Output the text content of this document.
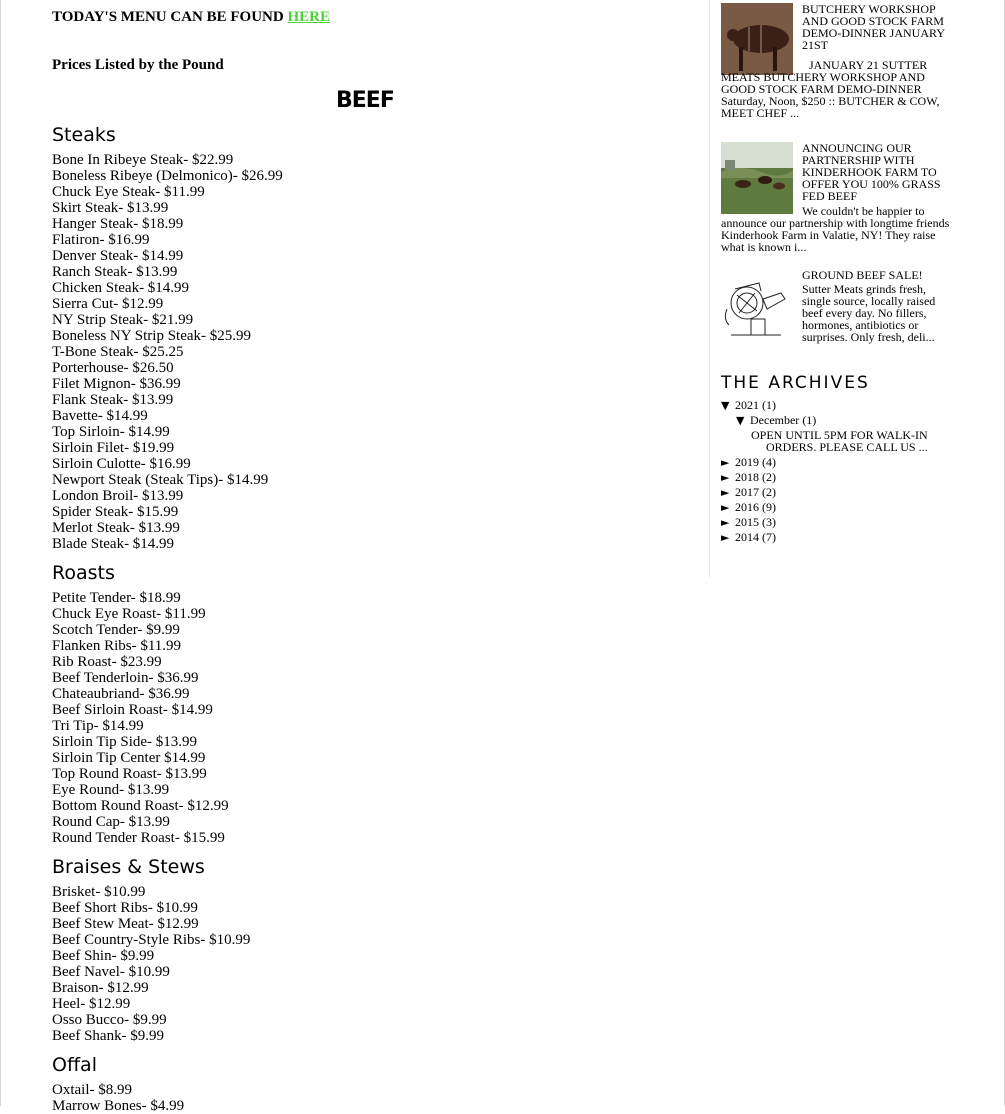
TODAY'S MENU CAN BE FOUND HERE
Prices Listed by the Pound
BEEF
Steaks
Bone In Ribeye Steak- $22.99
Boneless Ribeye (Delmonico)- $26.99
Chuck Eye Steak- $11.99
Skirt Steak- $13.99
Hanger Steak- $18.99
Flatiron- $16.99
Denver Steak- $14.99
Ranch Steak- $13.99
Chicken Steak- $14.99
Sierra Cut- $12.99
NY Strip Steak- $21.99
Boneless NY Strip Steak- $25.99
T-Bone Steak- $25.25
Porterhouse- $26.50
Filet Mignon- $36.99
Flank Steak- $13.99
Bavette- $14.99
Top Sirloin- $14.99
Sirloin Filet- $19.99
Sirloin Culotte- $16.99
Newport Steak (Steak Tips)- $14.99
London Broil- $13.99
Spider Steak- $15.99
Merlot Steak- $13.99
Blade Steak- $14.99
Roasts
Petite Tender- $18.99
Chuck Eye Roast- $11.99
Scotch Tender- $9.99
Flanken Ribs- $11.99
Rib Roast- $23.99
Beef Tenderloin- $36.99
Chateaubriand- $36.99
Beef Sirloin Roast- $14.99
Tri Tip- $14.99
Sirloin Tip Side- $13.99
Sirloin Tip Center $14.99
Top Round Roast- $13.99
Eye Round- $13.99
Bottom Round Roast- $12.99
Round Cap- $13.99
Round Tender Roast- $15.99
Braises & Stews
Brisket- $10.99
Beef Short Ribs- $10.99
Beef Stew Meat- $12.99
Beef Country-Style Ribs- $10.99
Beef Shin- $9.99
Beef Navel- $10.99
Braison- $12.99
Heel- $12.99
Osso Bucco- $9.99
Beef Shank- $9.99
Offal
Oxtail- $8.99
Marrow Bones- $4.99
BUTCHERY WORKSHOP AND GOOD STOCK FARM DEMO-DINNER JANUARY 21ST
JANUARY 21 SUTTER MEATS BUTCHERY WORKSHOP AND GOOD STOCK FARM DEMO-DINNER Saturday, Noon, $250 :: BUTCHER & COW, MEET CHEF ...
ANNOUNCING OUR PARTNERSHIP WITH KINDERHOOK FARM TO OFFER YOU 100% GRASS FED BEEF
We couldn't be happier to announce our partnership with longtime friends Kinderhook Farm in Valatie, NY! They raise what is known i...
GROUND BEEF SALE!
Sutter Meats grinds fresh, single source, locally raised beef every day. No fillers, hormones, antibiotics or surprises. Only fresh, deli...
THE ARCHIVES
▼ 2021 (1)
▼ December (1)
OPEN UNTIL 5PM FOR WALK-IN ORDERS. PLEASE CALL US ...
► 2019 (4)
► 2018 (2)
► 2017 (2)
► 2016 (9)
► 2015 (3)
► 2014 (7)
